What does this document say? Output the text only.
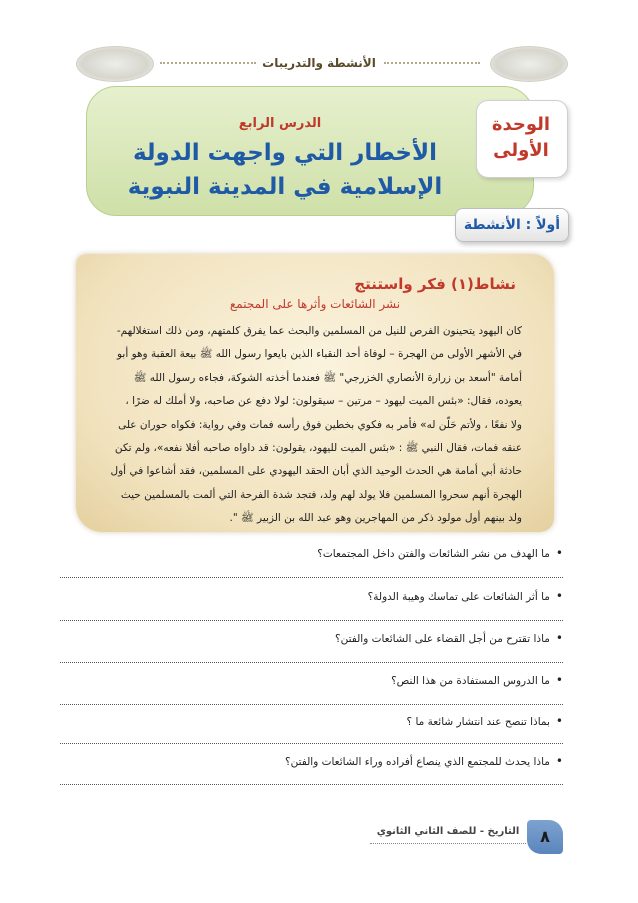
الأنشطة والتدريبات
الدرس الرابع
الأخطار التي واجهت الدولة
الإسلامية في المدينة النبوية
الوحدة
الأولى
أولاً : الأنشطة
نشاط(١) فكر واستنتج
نشر الشائعات وأثرها على المجتمع

كان اليهود يتحينون الفرص للنيل من المسلمين والبحث عما يفرق كلمتهم، ومن ذلك استغلالهم-

في الأشهر الأولى من الهجرة – لوفاة أحد النقباء الذين بايعوا رسول الله ﷺ بيعة العقبة وهو أبو

أمامة "أسعد بن زرارة الأنصاري الخزرجي" ﷺ فعندما أخذته الشوكة، فجاءه رسول الله ﷺ

يعوده، فقال: «بئس الميت ليهود – مرتين – سيقولون: لولا دفع عن صاحبه، ولا أملك له ضرًا ،

ولا نفعًا ، ولأتم حَلّن له» فأمر به فكوي بخطين فوق رأسه فمات وفي رواية: فكواه حوران على

عنقه فمات، فقال النبي ﷺ : «بئس الميت لليهود، يقولون: قد داواه صاحبه أفلا نفعه»، ولم تكن

حادثة أبي أمامة هي الحدث الوحيد الذي أبان الحقد اليهودي على المسلمين، فقد أشاعوا في أول

الهجرة أنهم سحروا المسلمين فلا يولد لهم ولد، فتجد شدة الفرحة التي ألمت بالمسلمين حيث

ولد بينهم أول مولود ذكر من المهاجرين وهو عبد الله بن الزبير ﷺ ".

• ما الهدف من نشر الشائعات والفتن داخل المجتمعات؟
• ما أثر الشائعات على تماسك وهيبة الدولة؟
• ماذا تقترح من أجل القضاء على الشائعات والفتن؟
• ما الدروس المستفادة من هذا النص؟
• بماذا تنصح عند انتشار شائعة ما ؟
• ماذا يحدث للمجتمع الذي ينصاع أفراده وراء الشائعات والفتن؟
التاريخ - للصف الثاني الثانوي	٨
